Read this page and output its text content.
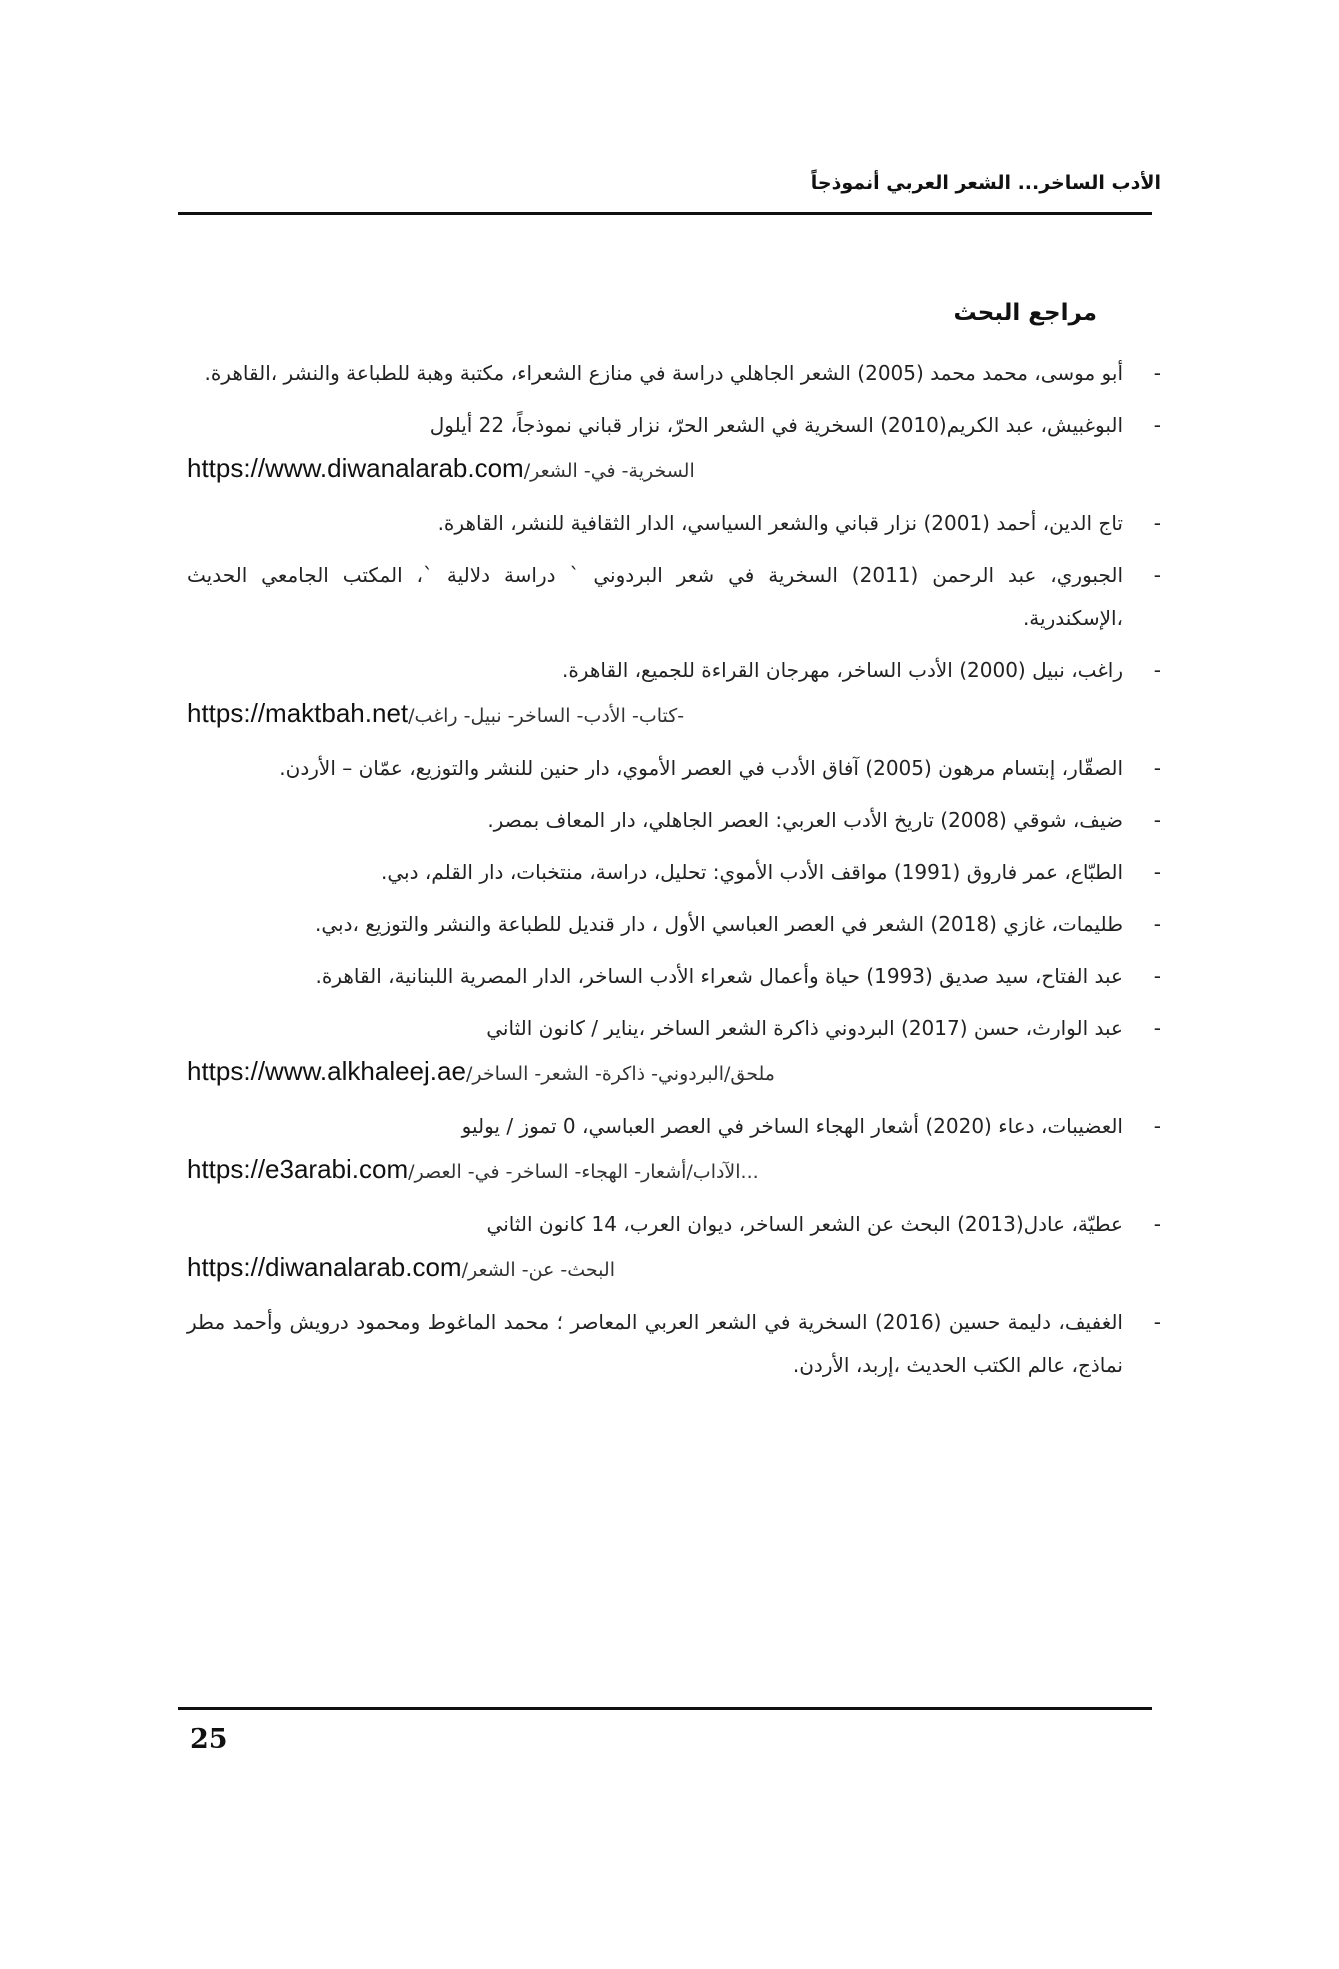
الأدب الساخر... الشعر العربي أنموذجاً
مراجع البحث
-
أبو موسى، محمد محمد (2005) الشعر الجاهلي دراسة في منازع الشعراء، مكتبة وهبة للطباعة والنشر ،القاهرة.
-
البوغبيش، عبد الكريم(2010) السخرية في الشعر الحرّ، نزار قباني نموذجاً، 22 أيلول
https://www.diwanalarab.com/السخرية- في- الشعر
-
تاج الدين، أحمد (2001) نزار قباني والشعر السياسي، الدار الثقافية للنشر، القاهرة.
-
الجبوري، عبد الرحمن (2011) السخرية في شعر البردوني ` دراسة دلالية `، المكتب الجامعي الحديث ،الإسكندرية.
-
راغب، نبيل (2000) الأدب الساخر، مهرجان القراءة للجميع، القاهرة.
https://maktbah.net/كتاب- الأدب- الساخر- نبيل- راغب-
-
الصقّار، إبتسام مرهون (2005) آفاق الأدب في العصر الأموي، دار حنين للنشر والتوزيع، عمّان – الأردن.
-
ضيف، شوقي (2008) تاريخ الأدب العربي: العصر الجاهلي، دار المعاف بمصر.
-
الطبّاع، عمر فاروق (1991) مواقف الأدب الأموي: تحليل، دراسة، منتخبات، دار القلم، دبي.
-
طليمات، غازي (2018) الشعر في العصر العباسي الأول ، دار قنديل للطباعة والنشر والتوزيع ،دبي.
-
عبد الفتاح، سيد صديق (1993) حياة وأعمال شعراء الأدب الساخر، الدار المصرية اللبنانية، القاهرة.
-
عبد الوارث، حسن (2017) البردوني ذاكرة الشعر الساخر ،يناير / كانون الثاني
https://www.alkhaleej.ae/ملحق/البردوني- ذاكرة- الشعر- الساخر
-
العضيبات، دعاء (2020) أشعار الهجاء الساخر في العصر العباسي، 0 تموز / يوليو
https://e3arabi.com/الآداب/أشعار- الهجاء- الساخر- في- العصر...
-
عطيّة، عادل(2013) البحث عن الشعر الساخر، ديوان العرب، 14 كانون الثاني
https://diwanalarab.com/البحث- عن- الشعر
-
الغفيف، دليمة حسين (2016) السخرية في الشعر العربي المعاصر ؛ محمد الماغوط ومحمود درويش وأحمد مطر نماذج، عالم الكتب الحديث ،إربد، الأردن.
25
